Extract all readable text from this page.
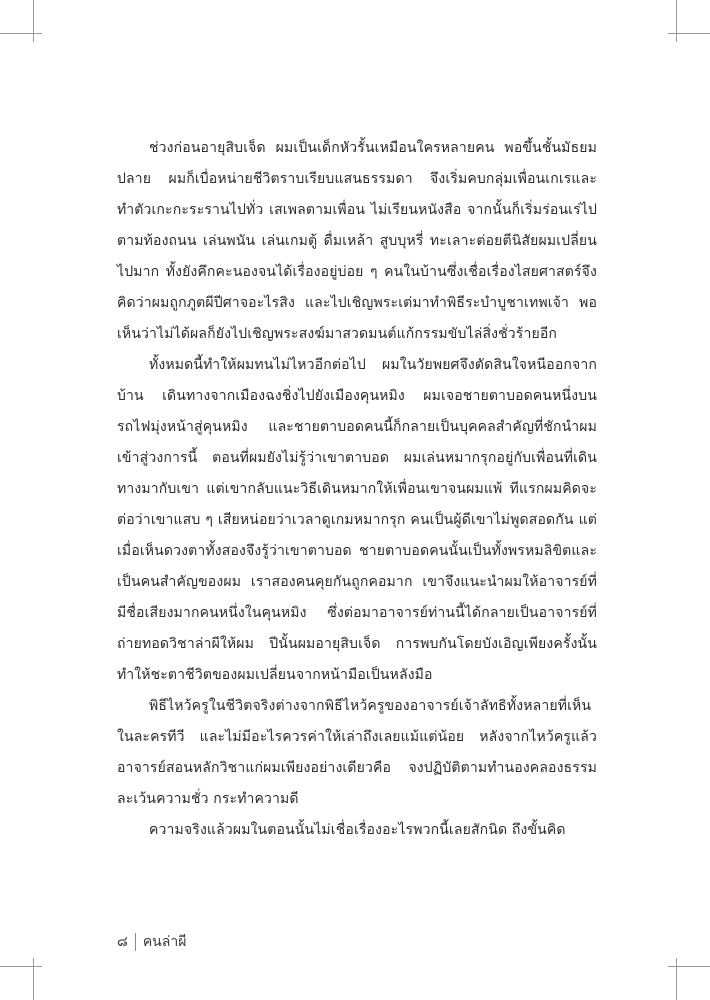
ช่วงก่อนอายุสิบเจ็ด ผมเป็นเด็กหัวรั้นเหมือนใครหลายคน พอขึ้นชั้นมัธยมปลาย ผมก็เบื่อหน่ายชีวิตราบเรียบแสนธรรมดา จึงเริ่มคบกลุ่มเพื่อนเกเรและทำตัวเกะกะระรานไปทั่ว เสเพลตามเพื่อน ไม่เรียนหนังสือ จากนั้นก็เริ่มร่อนเร่ไปตามท้องถนน เล่นพนัน เล่นเกมตู้ ดื่มเหล้า สูบบุหรี่ ทะเลาะต่อยตีนิสัยผมเปลี่ยนไปมาก ทั้งยังคึกคะนองจนได้เรื่องอยู่บ่อย ๆ คนในบ้านซึ่งเชื่อเรื่องไสยศาสตร์จึงคิดว่าผมถูกภูตผีปีศาจอะไรสิง และไปเชิญพระเต่มาทำพิธีระบำบูชาเทพเจ้า พอเห็นว่าไม่ได้ผลก็ยังไปเชิญพระสงฆ์มาสวดมนต์แก้กรรมขับไล่สิ่งชั่วร้ายอีก

ทั้งหมดนี้ทำให้ผมทนไม่ไหวอีกต่อไป ผมในวัยพยศจึงตัดสินใจหนีออกจากบ้าน เดินทางจากเมืองฉงชิ่งไปยังเมืองคุนหมิง ผมเจอชายตาบอดคนหนึ่งบนรถไฟมุ่งหน้าสู่คุนหมิง และชายตาบอดคนนี้ก็กลายเป็นบุคคลสำคัญที่ชักนำผมเข้าสู่วงการนี้ ตอนที่ผมยังไม่รู้ว่าเขาตาบอด ผมเล่นหมากรุกอยู่กับเพื่อนที่เดินทางมากับเขา แต่เขากลับแนะวิธีเดินหมากให้เพื่อนเขาจนผมแพ้ ทีแรกผมคิดจะต่อว่าเขาแสบ ๆ เสียหน่อยว่าเวลาดูเกมหมากรุก คนเป็นผู้ดีเขาไม่พูดสอดกัน แต่เมื่อเห็นดวงตาทั้งสองจึงรู้ว่าเขาตาบอด ชายตาบอดคนนั้นเป็นทั้งพรหมลิขิตและเป็นคนสำคัญของผม เราสองคนคุยกันถูกคอมาก เขาจึงแนะนำผมให้อาจารย์ที่มีชื่อเสียงมากคนหนึ่งในคุนหมิง ซึ่งต่อมาอาจารย์ท่านนี้ได้กลายเป็นอาจารย์ที่ถ่ายทอดวิชาล่าผีให้ผม ปีนั้นผมอายุสิบเจ็ด การพบกันโดยบังเอิญเพียงครั้งนั้นทำให้ชะตาชีวิตของผมเปลี่ยนจากหน้ามือเป็นหลังมือ

พิธีไหว้ครูในชีวิตจริงต่างจากพิธีไหว้ครูของอาจารย์เจ้าลัทธิทั้งหลายที่เห็นในละครทีวี และไม่มีอะไรควรค่าให้เล่าถึงเลยแม้แต่น้อย หลังจากไหว้ครูแล้วอาจารย์สอนหลักวิชาแก่ผมเพียงอย่างเดียวคือ จงปฏิบัติตามทำนองคลองธรรมละเว้นความชั่ว กระทำความดี

ความจริงแล้วผมในตอนนั้นไม่เชื่อเรื่องอะไรพวกนี้เลยสักนิด ถึงขั้นคิด

๘ คนล่าผี
